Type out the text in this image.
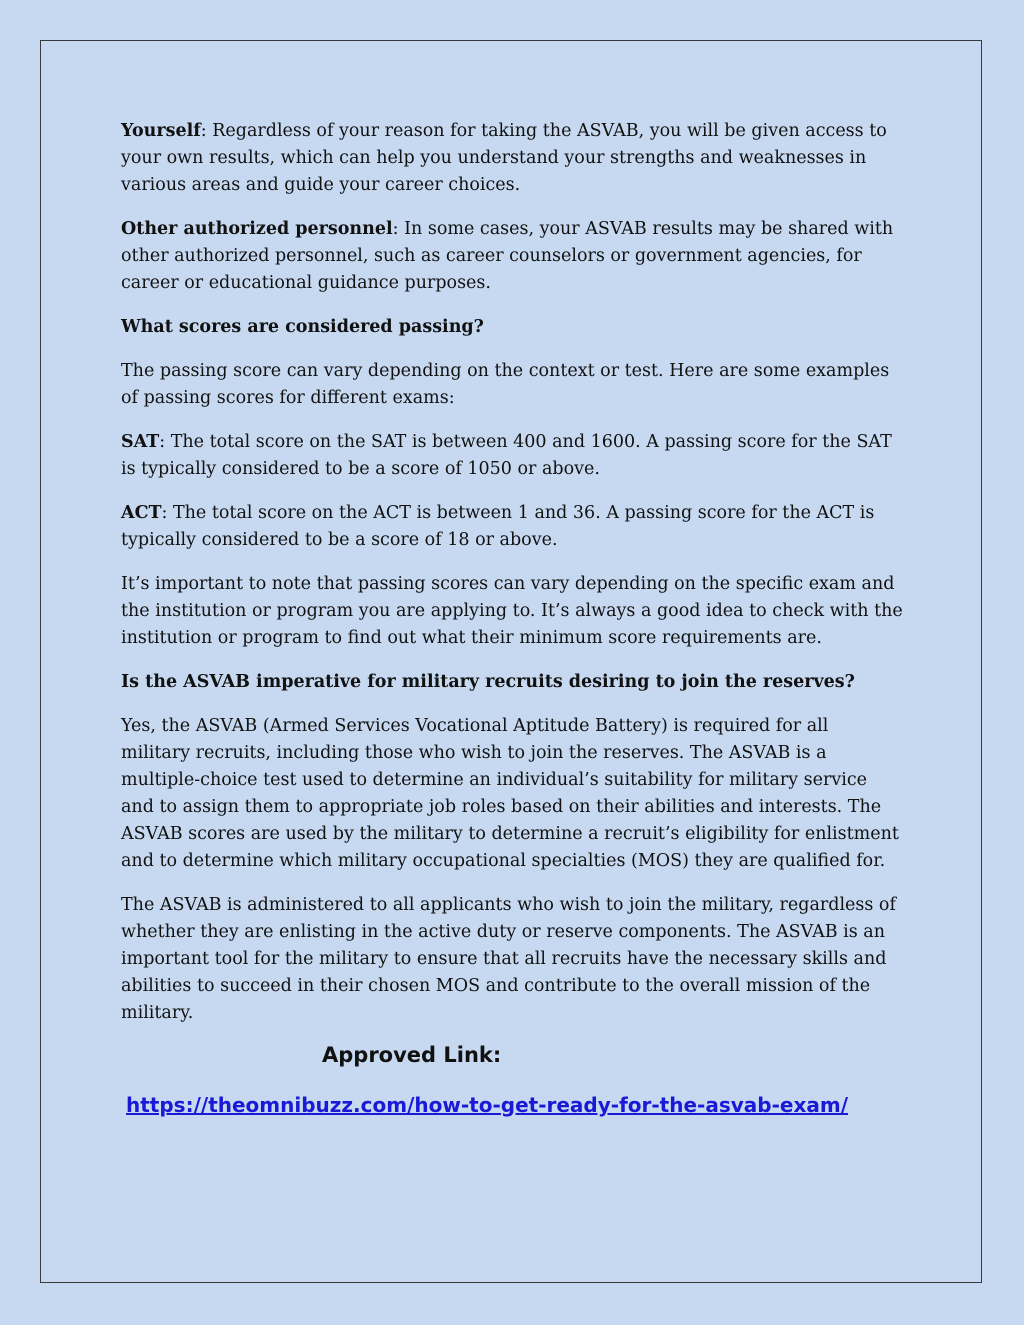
Yourself: Regardless of your reason for taking the ASVAB, you will be given access to your own results, which can help you understand your strengths and weaknesses in various areas and guide your career choices.

Other authorized personnel: In some cases, your ASVAB results may be shared with other authorized personnel, such as career counselors or government agencies, for career or educational guidance purposes.

What scores are considered passing?

The passing score can vary depending on the context or test. Here are some examples of passing scores for different exams:

SAT: The total score on the SAT is between 400 and 1600. A passing score for the SAT is typically considered to be a score of 1050 or above.

ACT: The total score on the ACT is between 1 and 36. A passing score for the ACT is typically considered to be a score of 18 or above.

It’s important to note that passing scores can vary depending on the specific exam and the institution or program you are applying to. It’s always a good idea to check with the institution or program to find out what their minimum score requirements are.

Is the ASVAB imperative for military recruits desiring to join the reserves?

Yes, the ASVAB (Armed Services Vocational Aptitude Battery) is required for all military recruits, including those who wish to join the reserves. The ASVAB is a multiple-choice test used to determine an individual’s suitability for military service and to assign them to appropriate job roles based on their abilities and interests. The ASVAB scores are used by the military to determine a recruit’s eligibility for enlistment and to determine which military occupational specialties (MOS) they are qualified for.

The ASVAB is administered to all applicants who wish to join the military, regardless of whether they are enlisting in the active duty or reserve components. The ASVAB is an important tool for the military to ensure that all recruits have the necessary skills and abilities to succeed in their chosen MOS and contribute to the overall mission of the military.

Approved Link:
https://theomnibuzz.com/how-to-get-ready-for-the-asvab-exam/
